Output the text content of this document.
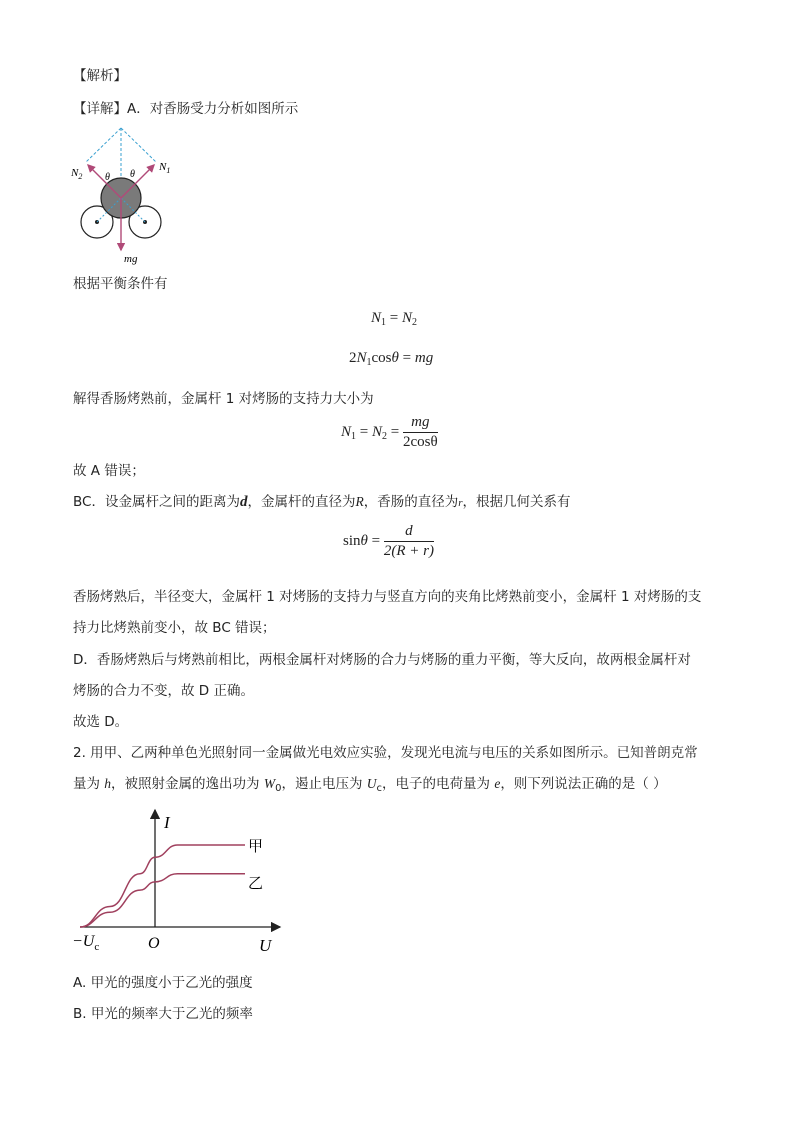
【解析】
【详解】A．对香肠受力分析如图所示
$N_2$
$N_1$
θ θ
mg
根据平衡条件有
$N_1 = N_2$
$2N_1\cos\theta$ = mg
解得香肠烤熟前，金属杆 1 对烤肠的支持力大小为
$N_1 = N_2 = \frac{mg}{2\cos\theta}$
故 A 错误；
BC．设金属杆之间的距离为d，金属杆的直径为R，香肠的直径为r，根据几何关系有
$\sin\theta = \frac{d}{2(R + r)}$
香肠烤熟后，半径变大，金属杆 1 对烤肠的支持力与竖直方向的夹角比烤熟前变小，金属杆 1 对烤肠的支
持力比烤熟前变小，故 BC 错误；
D．香肠烤熟后与烤熟前相比，两根金属杆对烤肠的合力与烤肠的重力平衡，等大反向，故两根金属杆对
烤肠的合力不变，故 D 正确。
故选 D。
2. 用甲、乙两种单色光照射同一金属做光电效应实验，发现光电流与电压的关系如图所示。已知普朗克常
量为 h，被照射金属的逸出功为 $W_0$，遏止电压为 $U_c$，电子的电荷量为 e，则下列说法正确的是（ ）
I
U
O
$-U_c$
甲
乙
A. 甲光的强度小于乙光的强度
B. 甲光的频率大于乙光的频率
